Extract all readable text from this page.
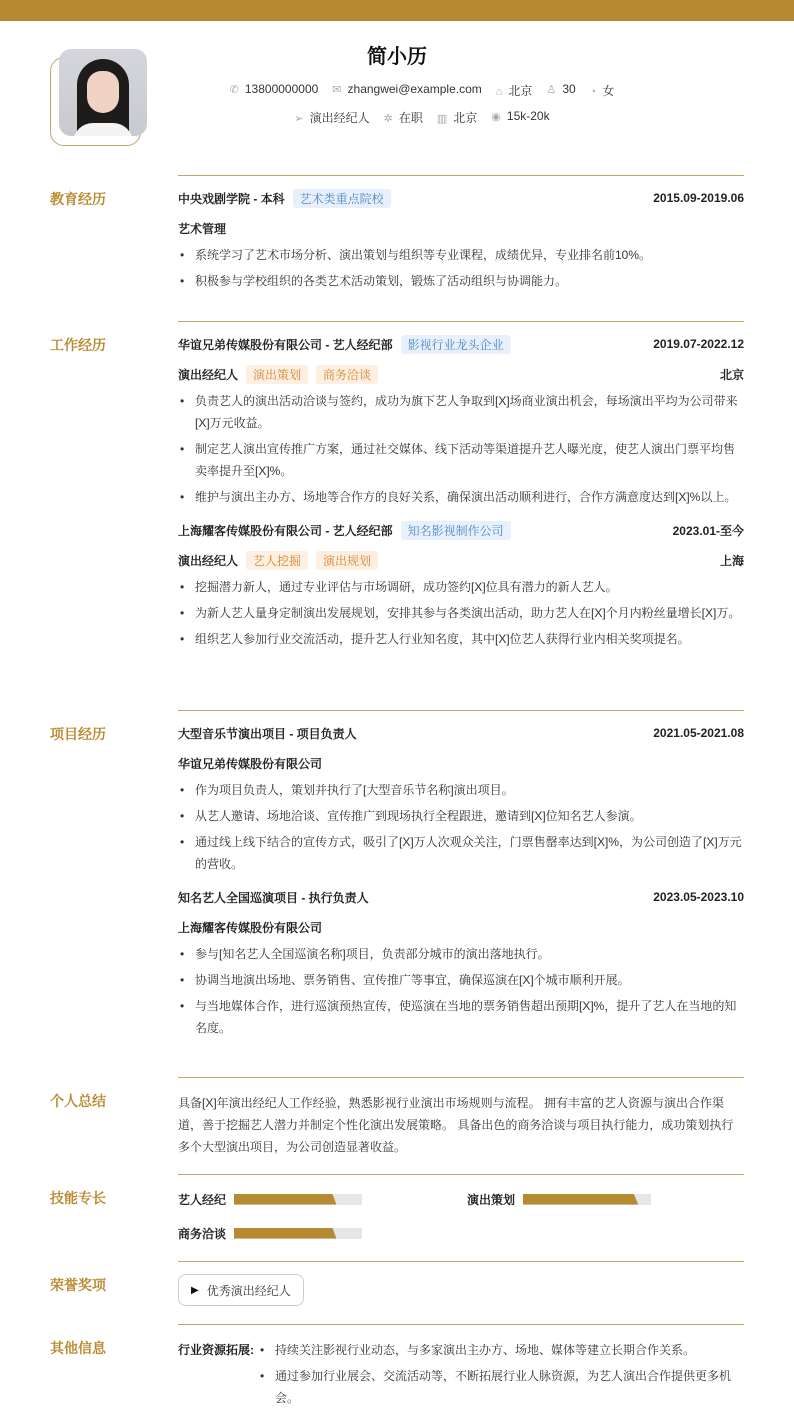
简小历
✆ 13800000000 ✉ zhangwei@example.com ⌂ 北京 ♙ 30 ◔ 女
➢ 演出经纪人 ✲ 在职 ▥ 北京 ◉ 15k-20k
教育经历	中央戏剧学院 - 本科 艺术类重点院校	2015.09-2019.06
艺术管理
• 系统学习了艺术市场分析、演出策划与组织等专业课程，成绩优异，专业排名前10%。
• 积极参与学校组织的各类艺术活动策划，锻炼了活动组织与协调能力。
工作经历	华谊兄弟传媒股份有限公司 - 艺人经纪部 影视行业龙头企业	2019.07-2022.12
演出经纪人 演出策划 商务洽谈	北京
• 负责艺人的演出活动洽谈与签约，成功为旗下艺人争取到[X]场商业演出机会，每场演出平均为公司带来[X]万元收益。
• 制定艺人演出宣传推广方案，通过社交媒体、线下活动等渠道提升艺人曝光度，使艺人演出门票平均售卖率提升至[X]%。
• 维护与演出主办方、场地等合作方的良好关系，确保演出活动顺利进行，合作方满意度达到[X]%以上。
上海耀客传媒股份有限公司 - 艺人经纪部 知名影视制作公司	2023.01-至今
演出经纪人 艺人挖掘 演出规划	上海
• 挖掘潜力新人，通过专业评估与市场调研，成功签约[X]位具有潜力的新人艺人。
• 为新人艺人量身定制演出发展规划，安排其参与各类演出活动，助力艺人在[X]个月内粉丝量增长[X]万。
• 组织艺人参加行业交流活动，提升艺人行业知名度，其中[X]位艺人获得行业内相关奖项提名。
项目经历	大型音乐节演出项目 - 项目负责人	2021.05-2021.08
华谊兄弟传媒股份有限公司
• 作为项目负责人，策划并执行了[大型音乐节名称]演出项目。
• 从艺人邀请、场地洽谈、宣传推广到现场执行全程跟进，邀请到[X]位知名艺人参演。
• 通过线上线下结合的宣传方式，吸引了[X]万人次观众关注，门票售罄率达到[X]%，为公司创造了[X]万元的营收。
知名艺人全国巡演项目 - 执行负责人	2023.05-2023.10
上海耀客传媒股份有限公司
• 参与[知名艺人全国巡演名称]项目，负责部分城市的演出落地执行。
• 协调当地演出场地、票务销售、宣传推广等事宜，确保巡演在[X]个城市顺利开展。
• 与当地媒体合作，进行巡演预热宣传，使巡演在当地的票务销售超出预期[X]%，提升了艺人在当地的知名度。
个人总结	具备[X]年演出经纪人工作经验，熟悉影视行业演出市场规则与流程。 拥有丰富的艺人资源与演出合作渠道，善于挖掘艺人潜力并制定个性化演出发展策略。 具备出色的商务洽谈与项目执行能力，成功策划执行多个大型演出项目，为公司创造显著收益。
技能专长	艺人经纪	演出策划
商务洽谈
荣誉奖项	▶ 优秀演出经纪人
其他信息	行业资源拓展:	• 持续关注影视行业动态，与多家演出主办方、场地、媒体等建立长期合作关系。
• 通过参加行业展会、交流活动等，不断拓展行业人脉资源，为艺人演出合作提供更多机会。
